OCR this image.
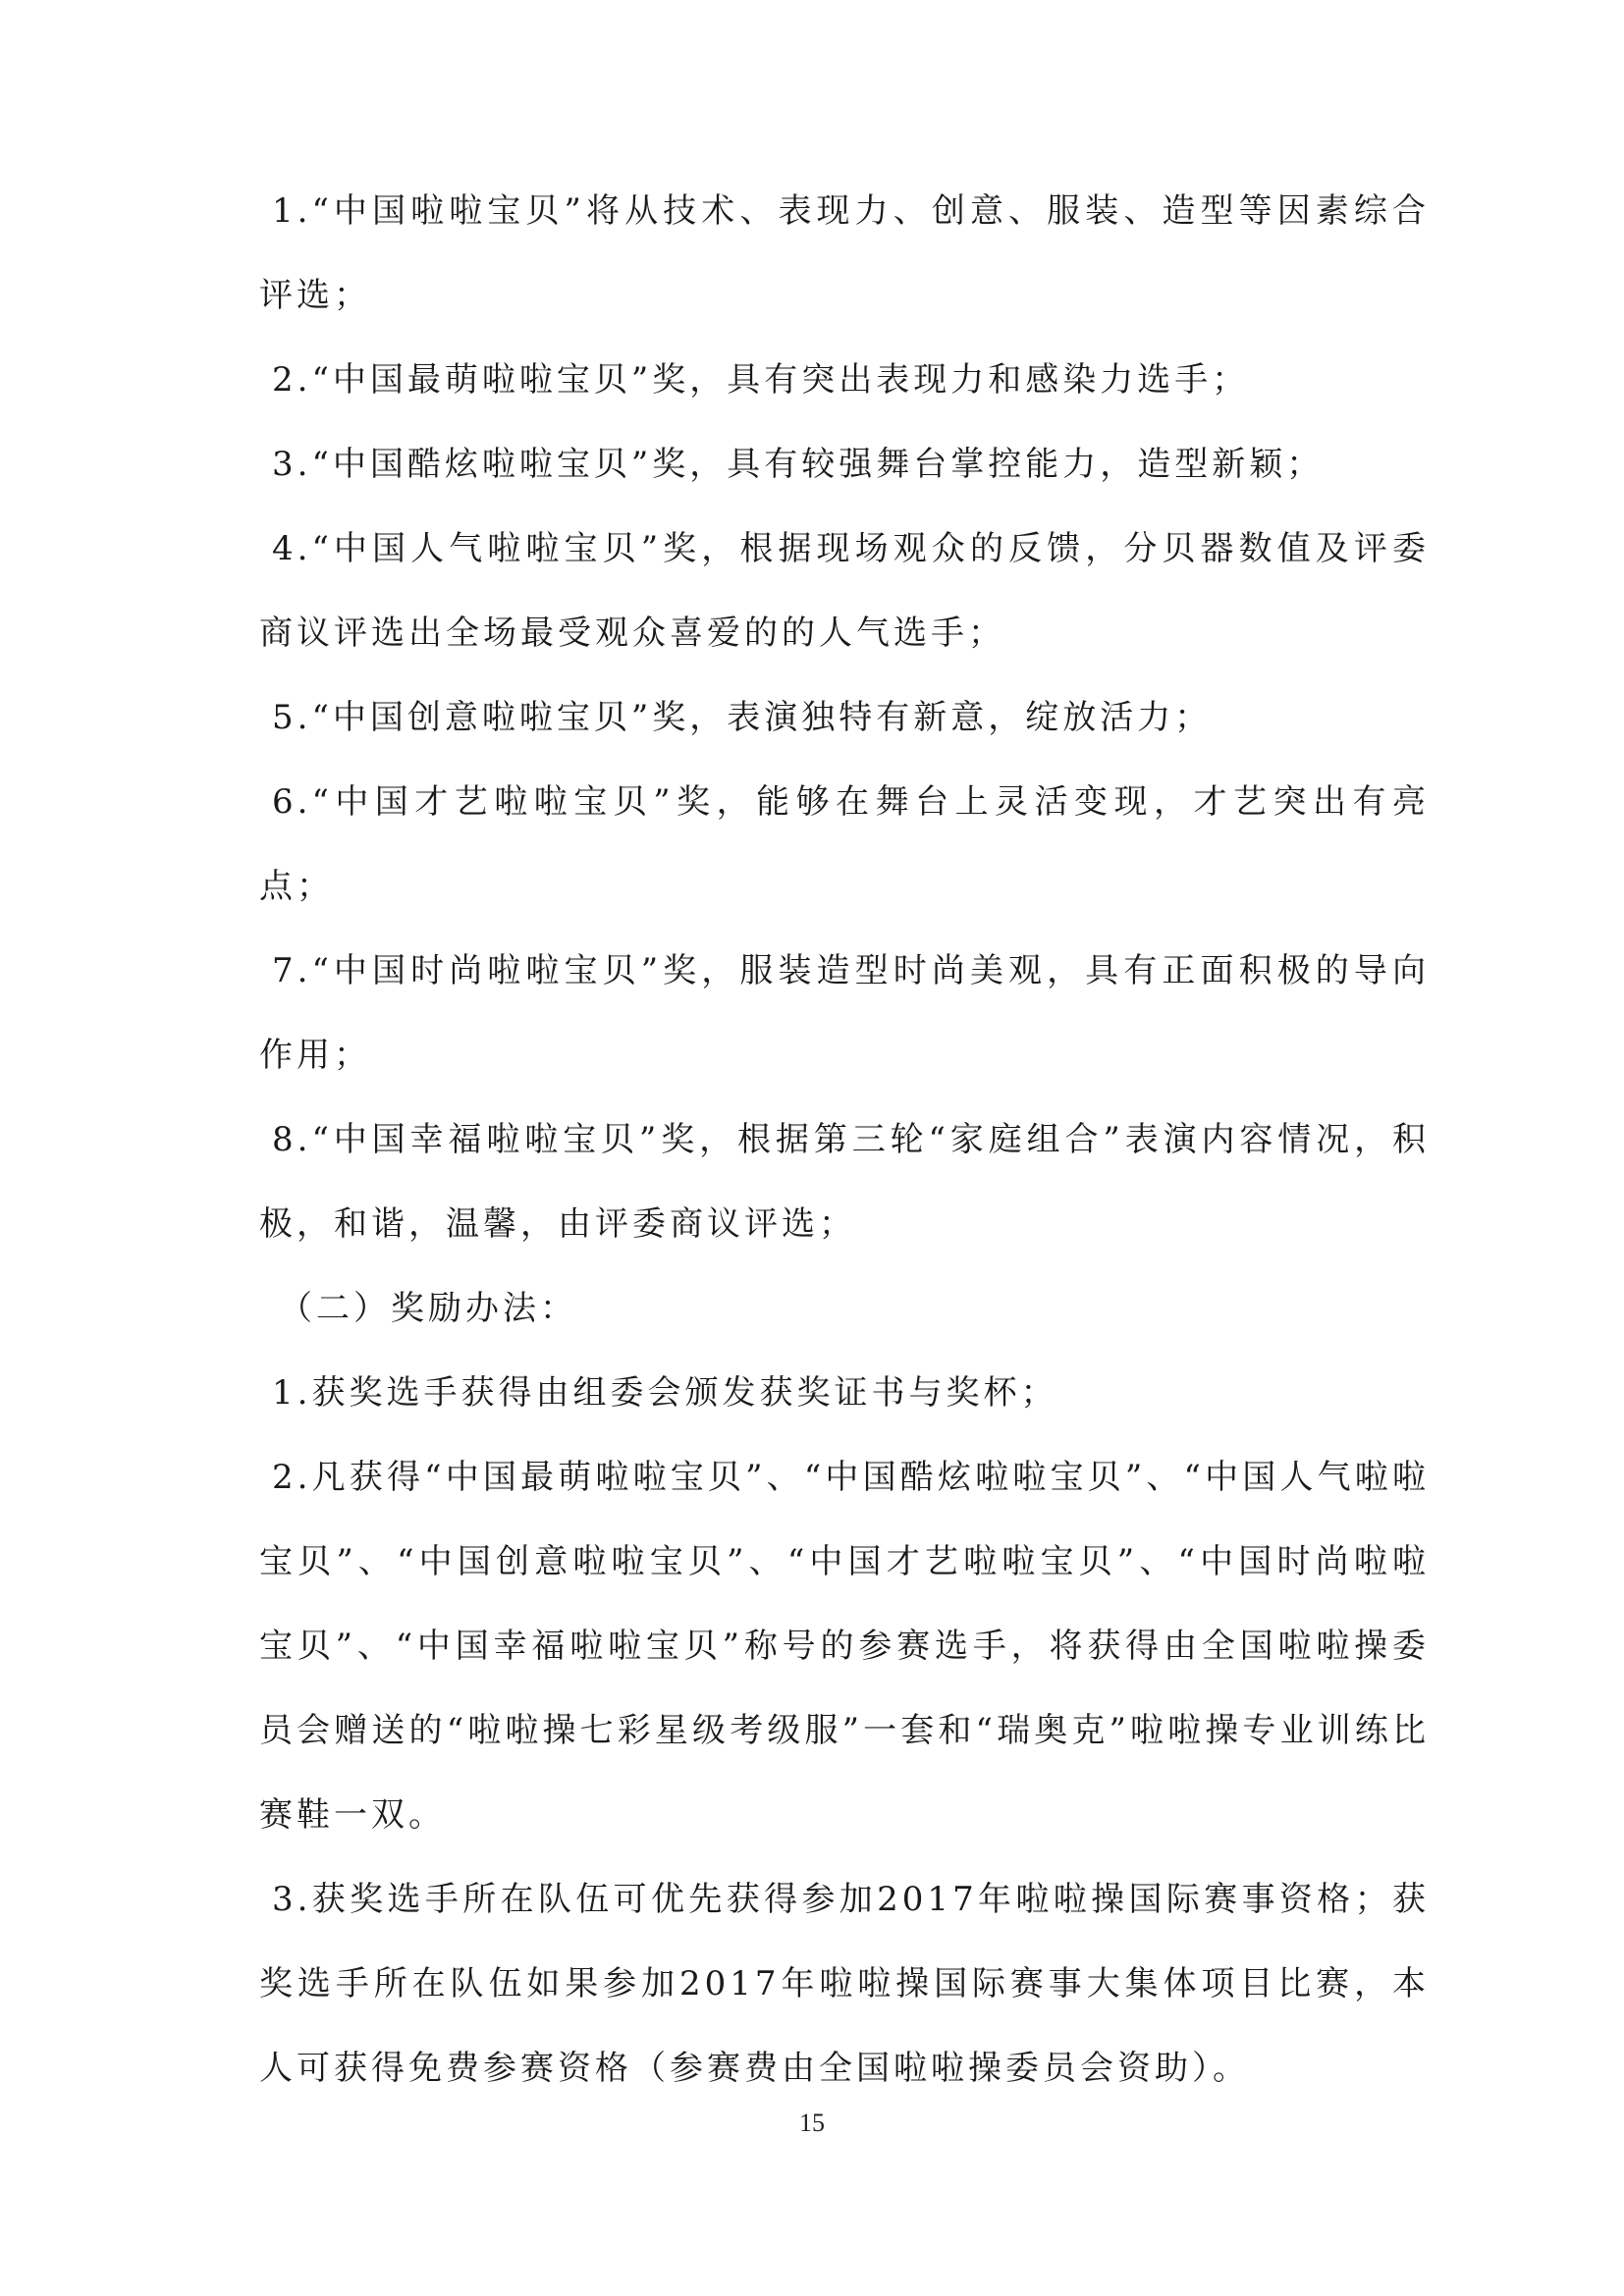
1.“中国啦啦宝贝”将从技术、表现力、创意、服装、造型等因素综合评选；

2.“中国最萌啦啦宝贝”奖，具有突出表现力和感染力选手；

3.“中国酷炫啦啦宝贝”奖，具有较强舞台掌控能力，造型新颖；

4.“中国人气啦啦宝贝”奖，根据现场观众的反馈，分贝器数值及评委商议评选出全场最受观众喜爱的的人气选手；

5.“中国创意啦啦宝贝”奖，表演独特有新意，绽放活力；

6.“中国才艺啦啦宝贝”奖，能够在舞台上灵活变现，才艺突出有亮点；

7.“中国时尚啦啦宝贝”奖，服装造型时尚美观，具有正面积极的导向作用；

8.“中国幸福啦啦宝贝”奖，根据第三轮“家庭组合”表演内容情况，积极，和谐，温馨，由评委商议评选；

（二）奖励办法：

1.获奖选手获得由组委会颁发获奖证书与奖杯；

2.凡获得“中国最萌啦啦宝贝”、“中国酷炫啦啦宝贝”、“中国人气啦啦宝贝”、“中国创意啦啦宝贝”、“中国才艺啦啦宝贝”、“中国时尚啦啦宝贝”、“中国幸福啦啦宝贝”称号的参赛选手，将获得由全国啦啦操委员会赠送的“啦啦操七彩星级考级服”一套和“瑞奥克”啦啦操专业训练比赛鞋一双。

3.获奖选手所在队伍可优先获得参加2017年啦啦操国际赛事资格；获奖选手所在队伍如果参加2017年啦啦操国际赛事大集体项目比赛，本人可获得免费参赛资格（参赛费由全国啦啦操委员会资助）。

15
